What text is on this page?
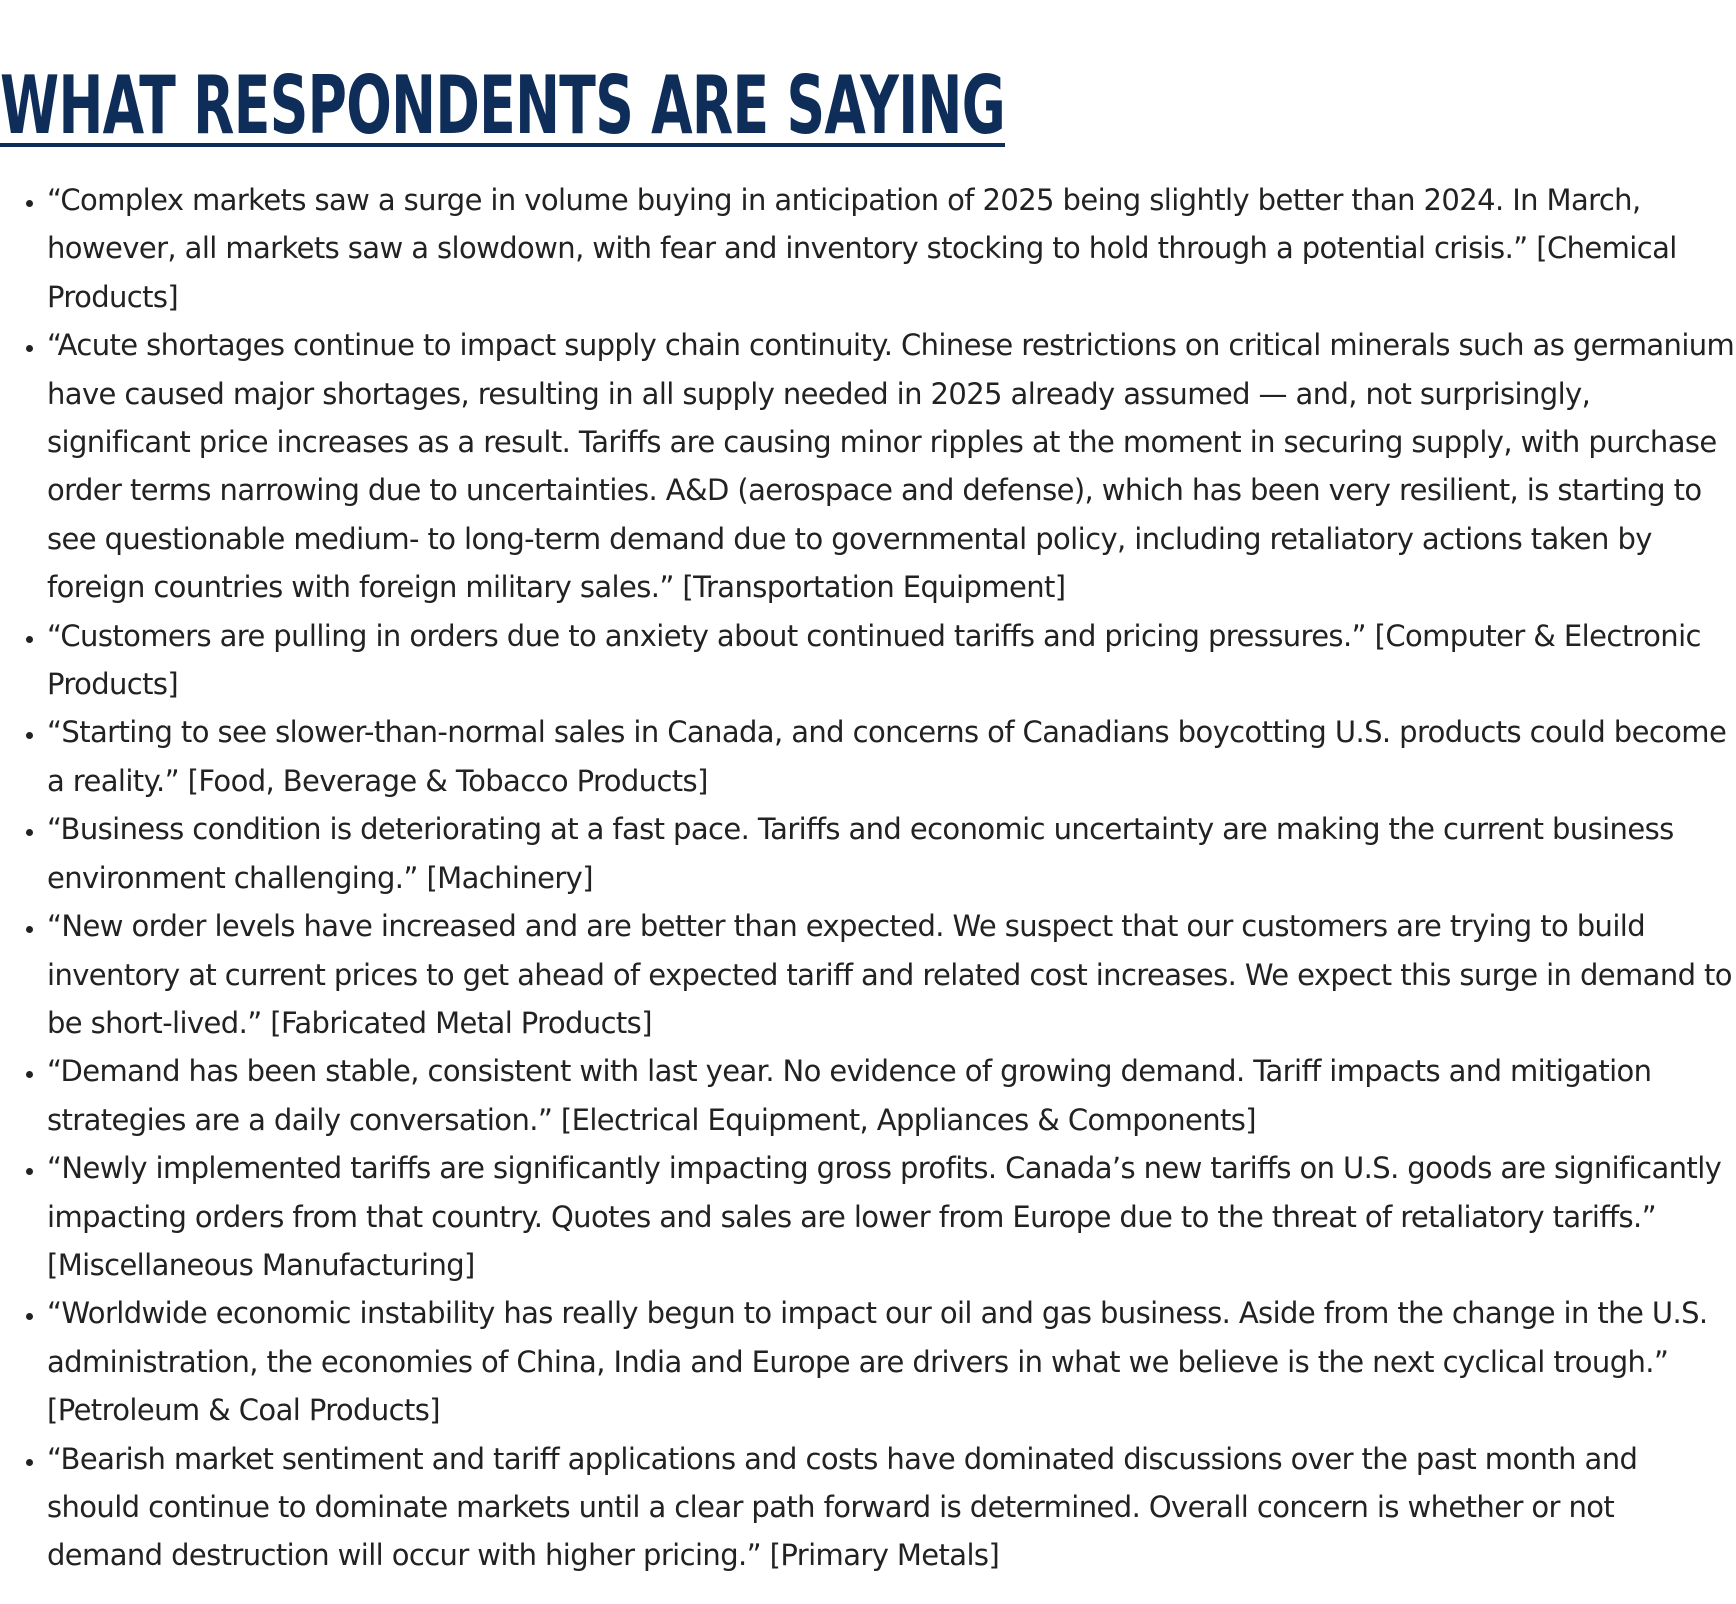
WHAT RESPONDENTS ARE SAYING
• “Complex markets saw a surge in volume buying in anticipation of 2025 being slightly better than 2024. In March, however, all markets saw a slowdown, with fear and inventory stocking to hold through a potential crisis.” [Chemical Products]
• “Acute shortages continue to impact supply chain continuity. Chinese restrictions on critical minerals such as germanium have caused major shortages, resulting in all supply needed in 2025 already assumed — and, not surprisingly, significant price increases as a result. Tariffs are causing minor ripples at the moment in securing supply, with purchase order terms narrowing due to uncertainties. A&D (aerospace and defense), which has been very resilient, is starting to see questionable medium- to long-term demand due to governmental policy, including retaliatory actions taken by foreign countries with foreign military sales.” [Transportation Equipment]
• “Customers are pulling in orders due to anxiety about continued tariffs and pricing pressures.” [Computer & Electronic Products]
• “Starting to see slower-than-normal sales in Canada, and concerns of Canadians boycotting U.S. products could become a reality.” [Food, Beverage & Tobacco Products]
• “Business condition is deteriorating at a fast pace. Tariffs and economic uncertainty are making the current business environment challenging.” [Machinery]
• “New order levels have increased and are better than expected. We suspect that our customers are trying to build inventory at current prices to get ahead of expected tariff and related cost increases. We expect this surge in demand to be short-lived.” [Fabricated Metal Products]
• “Demand has been stable, consistent with last year. No evidence of growing demand. Tariff impacts and mitigation strategies are a daily conversation.” [Electrical Equipment, Appliances & Components]
• “Newly implemented tariffs are significantly impacting gross profits. Canada’s new tariffs on U.S. goods are significantly impacting orders from that country. Quotes and sales are lower from Europe due to the threat of retaliatory tariffs.” [Miscellaneous Manufacturing]
• “Worldwide economic instability has really begun to impact our oil and gas business. Aside from the change in the U.S. administration, the economies of China, India and Europe are drivers in what we believe is the next cyclical trough.” [Petroleum & Coal Products]
• “Bearish market sentiment and tariff applications and costs have dominated discussions over the past month and should continue to dominate markets until a clear path forward is determined. Overall concern is whether or not demand destruction will occur with higher pricing.” [Primary Metals]
